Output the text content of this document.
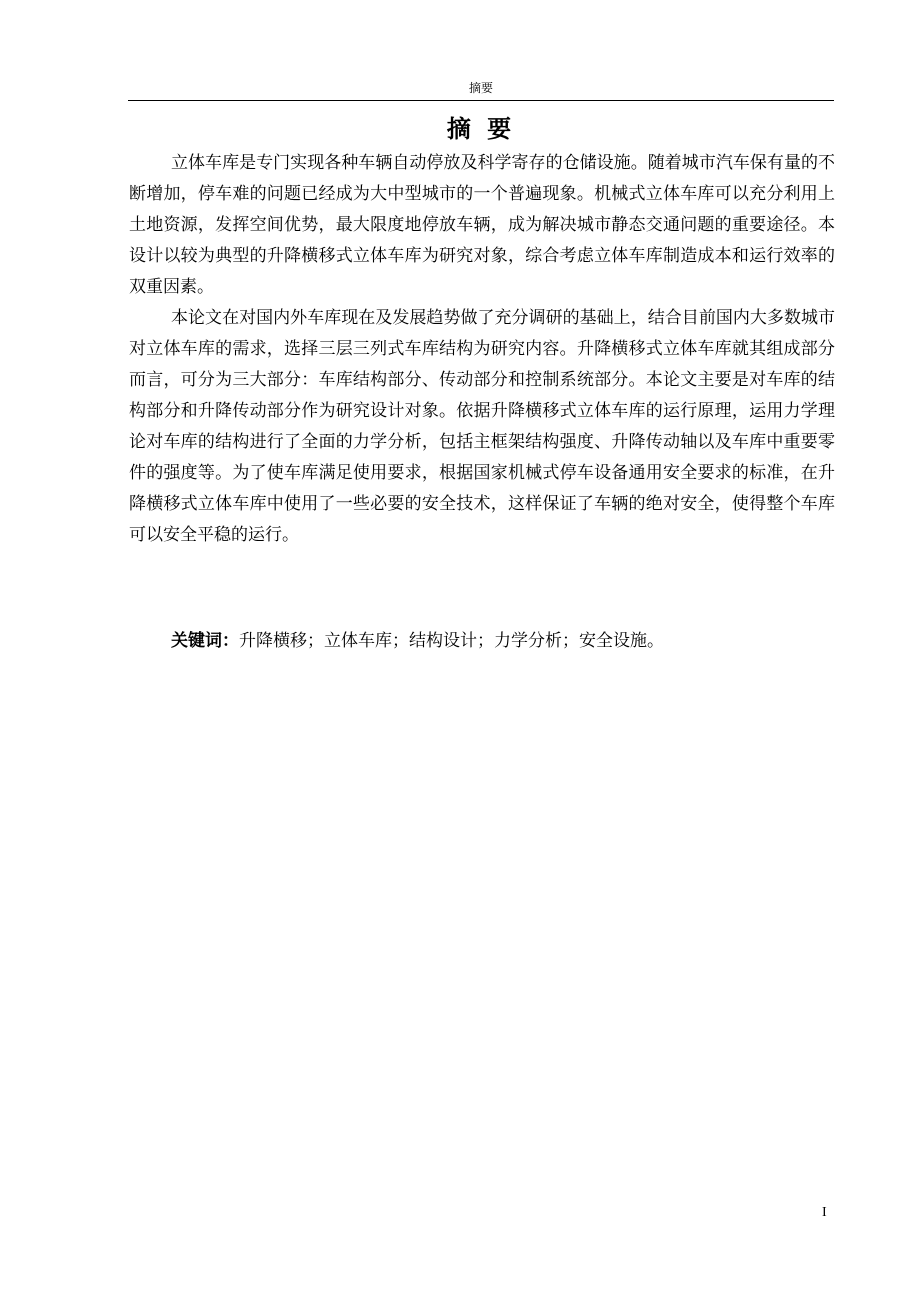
摘要
摘 要

立体车库是专门实现各种车辆自动停放及科学寄存的仓储设施。随着城市汽车保有量的不断增加，停车难的问题已经成为大中型城市的一个普遍现象。机械式立体车库可以充分利用上土地资源，发挥空间优势，最大限度地停放车辆，成为解决城市静态交通问题的重要途径。本设计以较为典型的升降横移式立体车库为研究对象，综合考虑立体车库制造成本和运行效率的双重因素。

本论文在对国内外车库现在及发展趋势做了充分调研的基础上，结合目前国内大多数城市对立体车库的需求，选择三层三列式车库结构为研究内容。升降横移式立体车库就其组成部分而言，可分为三大部分：车库结构部分、传动部分和控制系统部分。本论文主要是对车库的结构部分和升降传动部分作为研究设计对象。依据升降横移式立体车库的运行原理，运用力学理论对车库的结构进行了全面的力学分析，包括主框架结构强度、升降传动轴以及车库中重要零件的强度等。为了使车库满足使用要求，根据国家机械式停车设备通用安全要求的标准，在升降横移式立体车库中使用了一些必要的安全技术，这样保证了车辆的绝对安全，使得整个车库可以安全平稳的运行。

关键词：升降横移；立体车库；结构设计；力学分析；安全设施。
I
